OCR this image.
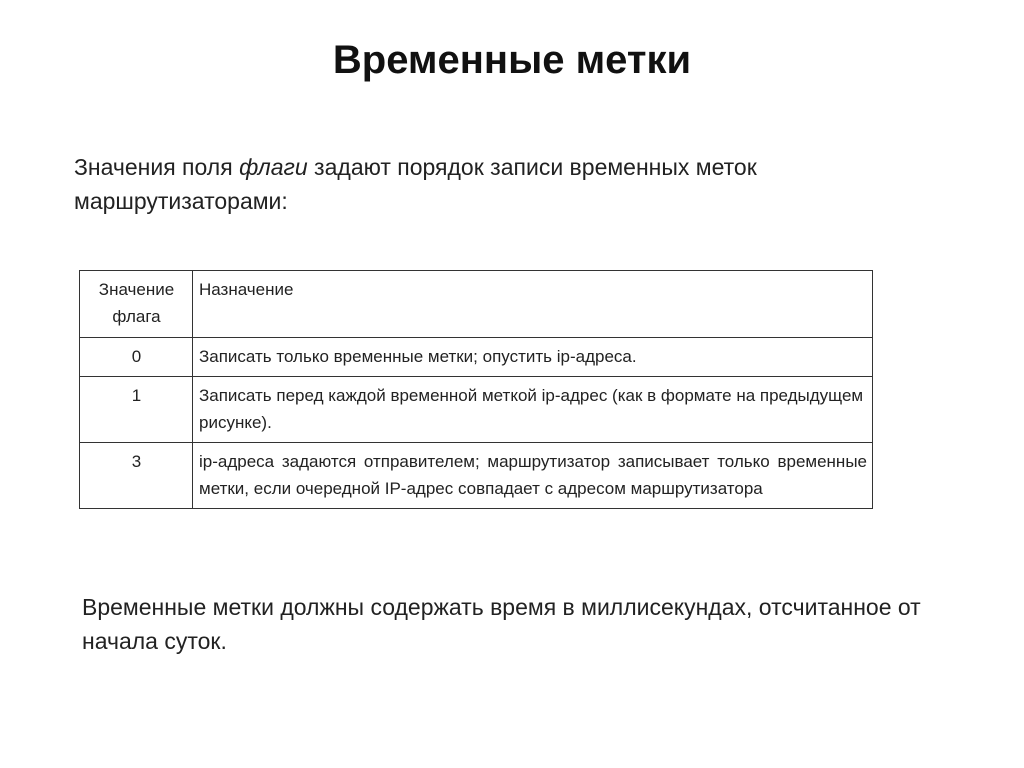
Временные метки
Значения поля флаги задают порядок записи временных меток маршрутизаторами:
Значение флага	Назначение
0	Записать только временные метки; опустить ip-адреса.
1	Записать перед каждой временной меткой ip-адрес (как в формате на предыдущем рисунке).
3	ip-адреса задаются отправителем; маршрутизатор записывает только временные метки, если очередной IP-адрес совпадает с адресом маршрутизатора
Временные метки должны содержать время в миллисекундах, отсчитанное от начала суток.
